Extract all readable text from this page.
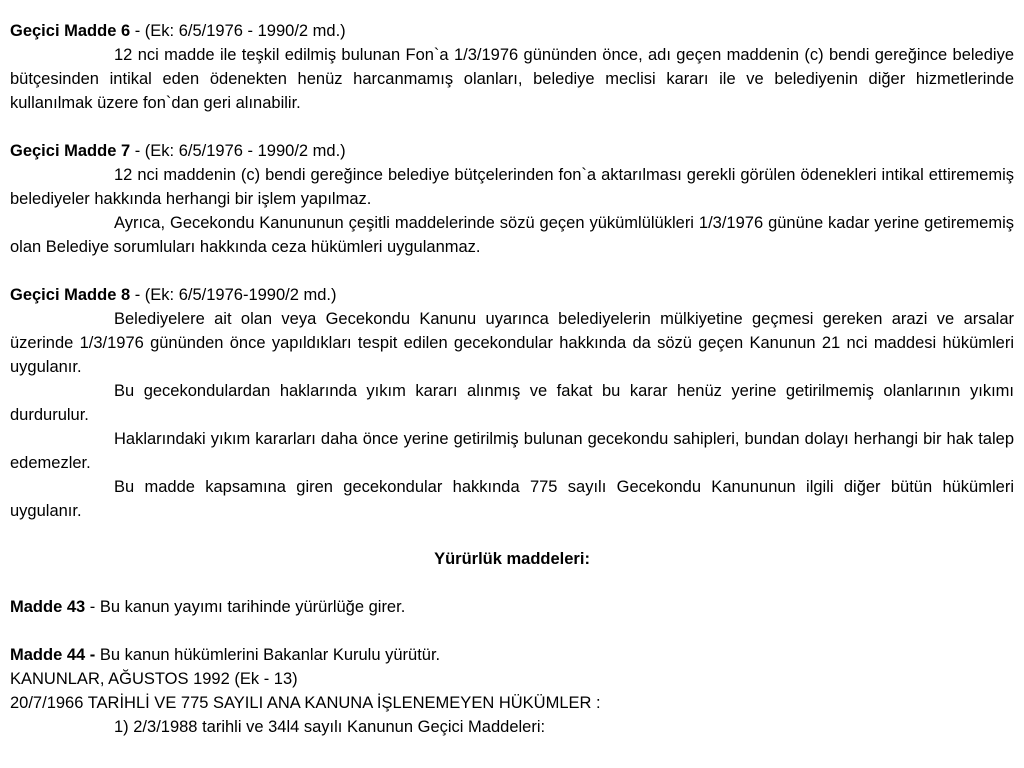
Geçici Madde 6 - (Ek: 6/5/1976 - 1990/2 md.)

12 nci madde ile teşkil edilmiş bulunan Fon`a 1/3/1976 gününden önce, adı geçen maddenin (c) bendi gereğince belediye bütçesinden intikal eden ödenekten henüz harcanmamış olanları, belediye meclisi kararı ile ve belediyenin diğer hizmetlerinde kullanılmak üzere fon`dan geri alınabilir.

Geçici Madde 7 - (Ek: 6/5/1976 - 1990/2 md.)

12 nci maddenin (c) bendi gereğince belediye bütçelerinden fon`a aktarılması gerekli görülen ödenekleri intikal ettirememiş belediyeler hakkında herhangi bir işlem yapılmaz.

Ayrıca, Gecekondu Kanununun çeşitli maddelerinde sözü geçen yükümlülükleri 1/3/1976 gününe kadar yerine getirememiş olan Belediye sorumluları hakkında ceza hükümleri uygulanmaz.

Geçici Madde 8 - (Ek: 6/5/1976-1990/2 md.)

Belediyelere ait olan veya Gecekondu Kanunu uyarınca belediyelerin mülkiyetine geçmesi gereken arazi ve arsalar üzerinde 1/3/1976 gününden önce yapıldıkları tespit edilen gecekondular hakkında da sözü geçen Kanunun 21 nci maddesi hükümleri uygulanır.

Bu gecekondulardan haklarında yıkım kararı alınmış ve fakat bu karar henüz yerine getirilmemiş olanlarının yıkımı durdurulur.

Haklarındaki yıkım kararları daha önce yerine getirilmiş bulunan gecekondu sahipleri, bundan dolayı herhangi bir hak talep edemezler.

Bu madde kapsamına giren gecekondular hakkında 775 sayılı Gecekondu Kanununun ilgili diğer bütün hükümleri uygulanır.

Yürürlük maddeleri:

Madde 43 - Bu kanun yayımı tarihinde yürürlüğe girer.

Madde 44 - Bu kanun hükümlerini Bakanlar Kurulu yürütür.

KANUNLAR, AĞUSTOS 1992 (Ek - 13)

20/7/1966 TARİHLİ VE 775 SAYILI ANA KANUNA İŞLENEMEYEN HÜKÜMLER :

1) 2/3/1988 tarihli ve 34l4 sayılı Kanunun Geçici Maddeleri:
